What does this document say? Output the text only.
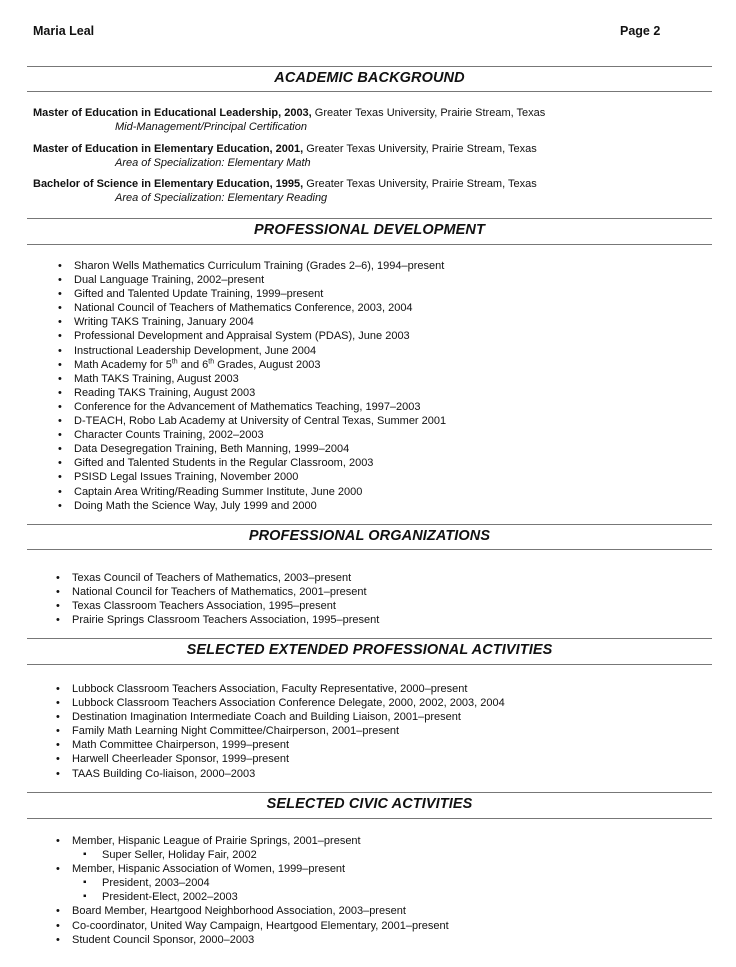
Maria Leal	Page 2
ACADEMIC BACKGROUND
Master of Education in Educational Leadership, 2003, Greater Texas University, Prairie Stream, Texas
Mid-Management/Principal Certification
Master of Education in Elementary Education, 2001, Greater Texas University, Prairie Stream, Texas
Area of Specialization: Elementary Math
Bachelor of Science in Elementary Education, 1995, Greater Texas University, Prairie Stream, Texas
Area of Specialization: Elementary Reading
PROFESSIONAL DEVELOPMENT
• Sharon Wells Mathematics Curriculum Training (Grades 2–6), 1994–present
• Dual Language Training, 2002–present
• Gifted and Talented Update Training, 1999–present
• National Council of Teachers of Mathematics Conference, 2003, 2004
• Writing TAKS Training, January 2004
• Professional Development and Appraisal System (PDAS), June 2003
• Instructional Leadership Development, June 2004
• Math Academy for 5th and 6th Grades, August 2003
• Math TAKS Training, August 2003
• Reading TAKS Training, August 2003
• Conference for the Advancement of Mathematics Teaching, 1997–2003
• D-TEACH, Robo Lab Academy at University of Central Texas, Summer 2001
• Character Counts Training, 2002–2003
• Data Desegregation Training, Beth Manning, 1999–2004
• Gifted and Talented Students in the Regular Classroom, 2003
• PSISD Legal Issues Training, November 2000
• Captain Area Writing/Reading Summer Institute, June 2000
• Doing Math the Science Way, July 1999 and 2000
PROFESSIONAL ORGANIZATIONS
• Texas Council of Teachers of Mathematics, 2003–present
• National Council for Teachers of Mathematics, 2001–present
• Texas Classroom Teachers Association, 1995–present
• Prairie Springs Classroom Teachers Association, 1995–present
SELECTED EXTENDED PROFESSIONAL ACTIVITIES
• Lubbock Classroom Teachers Association, Faculty Representative, 2000–present
• Lubbock Classroom Teachers Association Conference Delegate, 2000, 2002, 2003, 2004
• Destination Imagination Intermediate Coach and Building Liaison, 2001–present
• Family Math Learning Night Committee/Chairperson, 2001–present
• Math Committee Chairperson, 1999–present
• Harwell Cheerleader Sponsor, 1999–present
• TAAS Building Co-liaison, 2000–2003
SELECTED CIVIC ACTIVITIES
• Member, Hispanic League of Prairie Springs, 2001–present
▪ Super Seller, Holiday Fair, 2002
• Member, Hispanic Association of Women, 1999–present
▪ President, 2003–2004
▪ President-Elect, 2002–2003
• Board Member, Heartgood Neighborhood Association, 2003–present
• Co-coordinator, United Way Campaign, Heartgood Elementary, 2001–present
• Student Council Sponsor, 2000–2003
